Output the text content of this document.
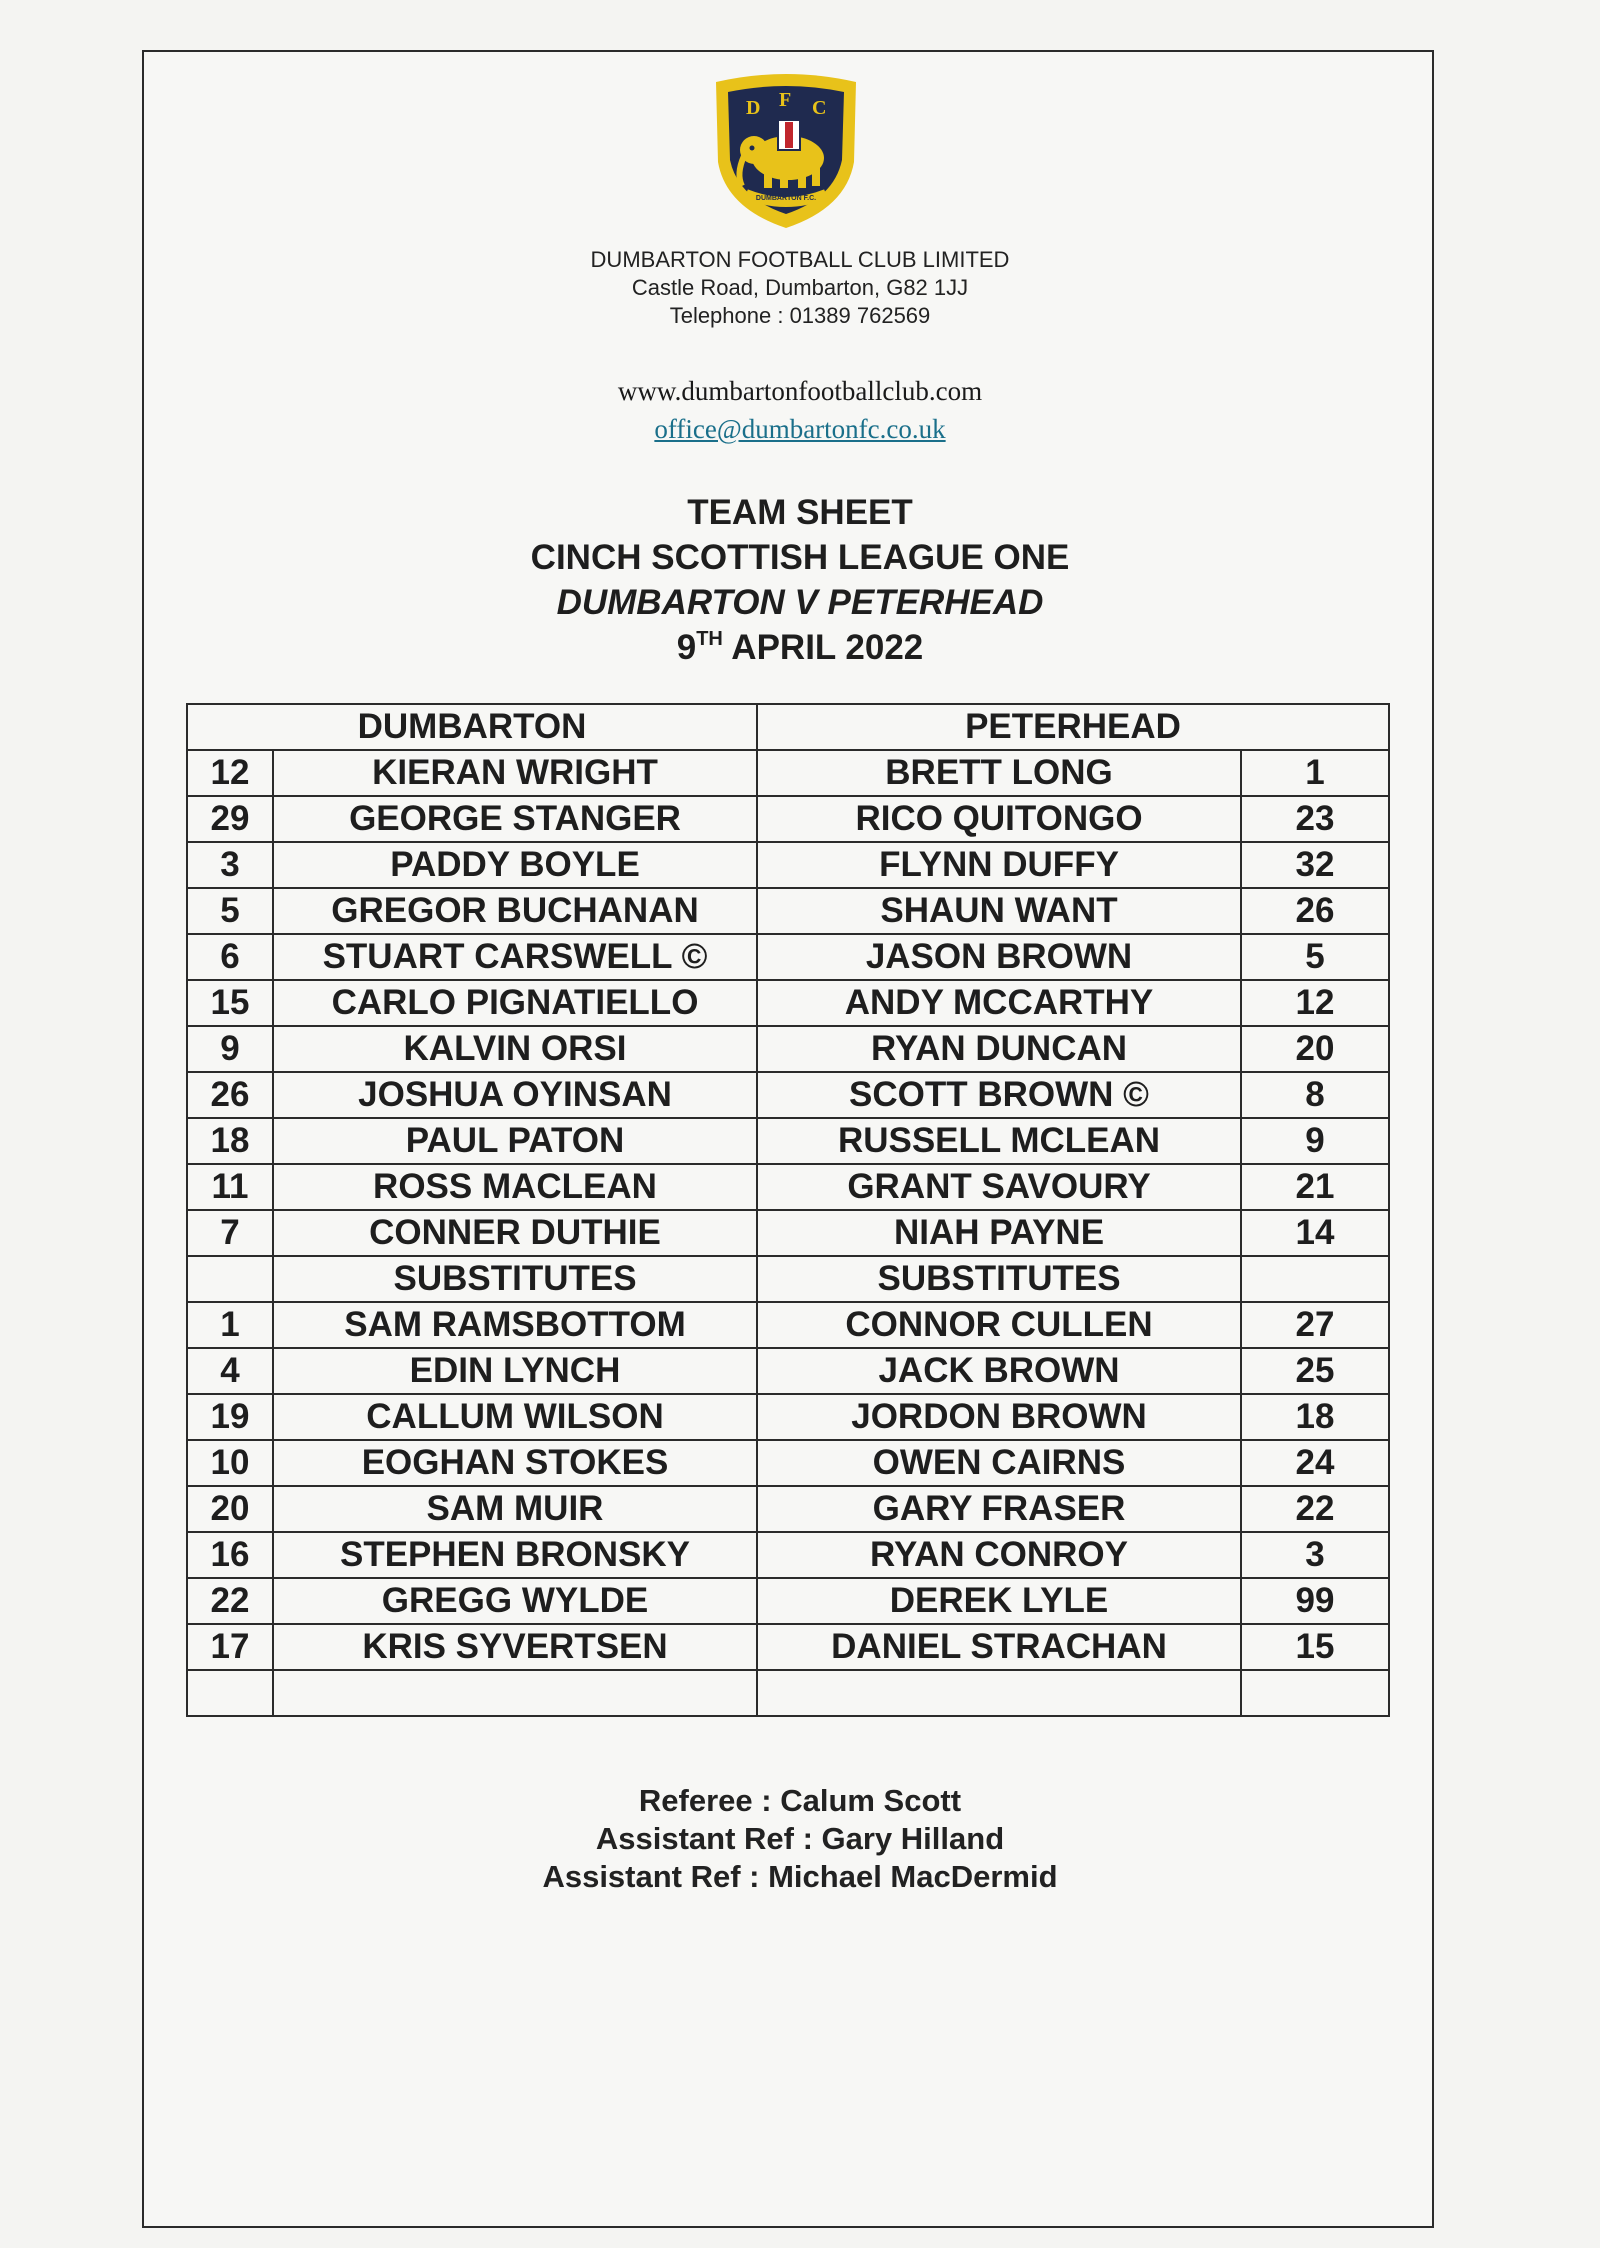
D F C
DUMBARTON F.C.
DUMBARTON FOOTBALL CLUB LIMITED
Castle Road, Dumbarton, G82 1JJ
Telephone : 01389 762569
www.dumbartonfootballclub.com
office@dumbartonfc.co.uk
TEAM SHEET
CINCH SCOTTISH LEAGUE ONE
DUMBARTON V PETERHEAD
9TH APRIL 2022
DUMBARTON		PETERHEAD	
12	KIERAN WRIGHT	BRETT LONG	1
29	GEORGE STANGER	RICO QUITONGO	23
3	PADDY BOYLE	FLYNN DUFFY	32
5	GREGOR BUCHANAN	SHAUN WANT	26
6	STUART CARSWELL ©	JASON BROWN	5
15	CARLO PIGNATIELLO	ANDY MCCARTHY	12
9	KALVIN ORSI	RYAN DUNCAN	20
26	JOSHUA OYINSAN	SCOTT BROWN ©	8
18	PAUL PATON	RUSSELL MCLEAN	9
11	ROSS MACLEAN	GRANT SAVOURY	21
7	CONNER DUTHIE	NIAH PAYNE	14
	SUBSTITUTES	SUBSTITUTES	
1	SAM RAMSBOTTOM	CONNOR CULLEN	27
4	EDIN LYNCH	JACK BROWN	25
19	CALLUM WILSON	JORDON BROWN	18
10	EOGHAN STOKES	OWEN CAIRNS	24
20	SAM MUIR	GARY FRASER	22
16	STEPHEN BRONSKY	RYAN CONROY	3
22	GREGG WYLDE	DEREK LYLE	99
17	KRIS SYVERTSEN	DANIEL STRACHAN	15

Referee : Calum Scott
Assistant Ref : Gary Hilland
Assistant Ref : Michael MacDermid
